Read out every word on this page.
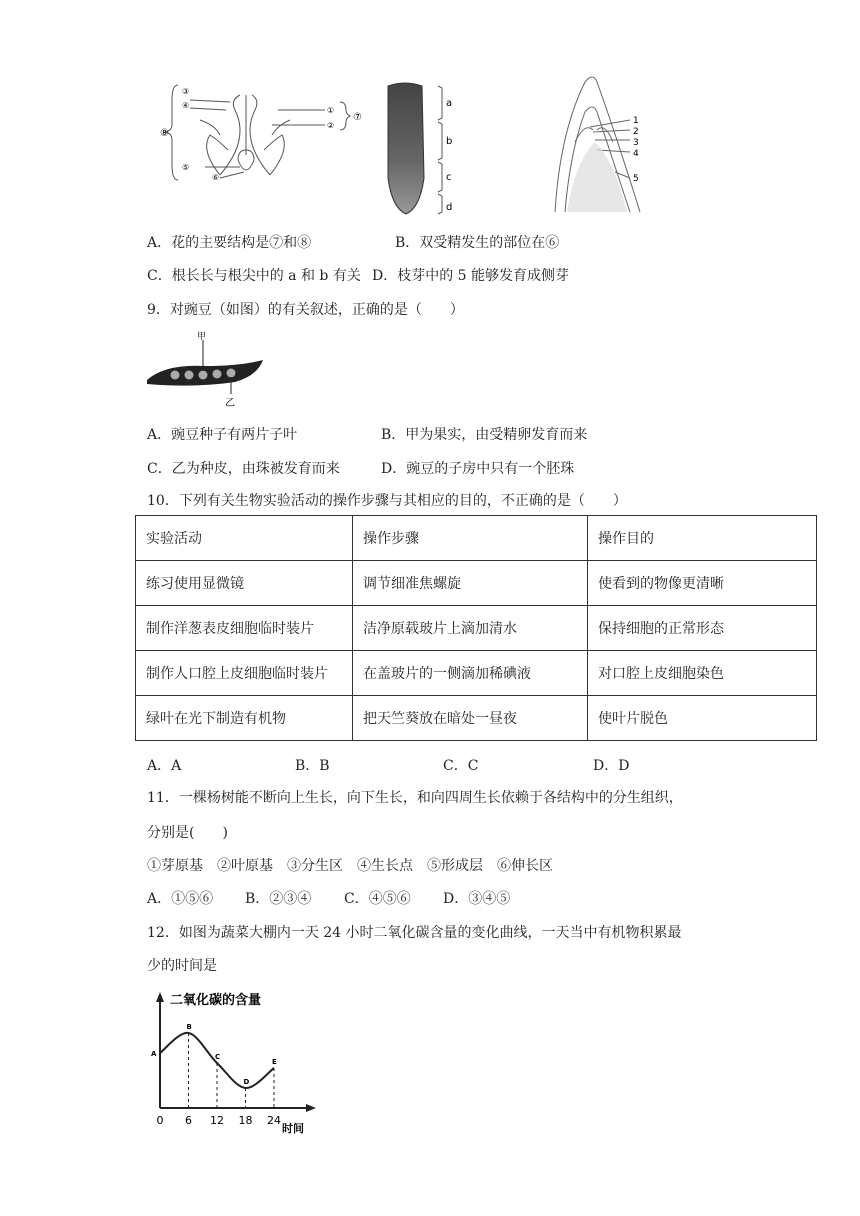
③
④
⑤
⑥
①
②
⑦
⑧
a
b
c
d
1
2
3
4
5
A．花的主要结构是⑦和⑧	B．双受精发生的部位在⑥
C．根长长与根尖中的 a 和 b 有关 D．枝芽中的 5 能够发育成侧芽
9．对豌豆（如图）的有关叙述，正确的是（　　）
甲
乙
A．豌豆种子有两片子叶	B．甲为果实，由受精卵发育而来
C．乙为种皮，由珠被发育而来	D．豌豆的子房中只有一个胚珠
10．下列有关生物实验活动的操作步骤与其相应的目的，不正确的是（　　）
实验活动	操作步骤	操作目的
练习使用显微镜	调节细准焦螺旋	使看到的物像更清晰
制作洋葱表皮细胞临时装片	洁净原载玻片上滴加清水	保持细胞的正常形态
制作人口腔上皮细胞临时装片	在盖玻片的一侧滴加稀碘液	对口腔上皮细胞染色
绿叶在光下制造有机物	把天竺葵放在暗处一昼夜	使叶片脱色
A．A	B．B	C．C	D．D
11．一棵杨树能不断向上生长，向下生长，和向四周生长依赖于各结构中的分生组织，
分别是(　　)
①芽原基　②叶原基　③分生区　④生长点　⑤形成层　⑥伸长区
A．①⑤⑥ B．②③④ C．④⑤⑥ D．③④⑤
12．如图为蔬菜大棚内一天 24 小时二氧化碳含量的变化曲线，一天当中有机物积累最
少的时间是
二氧化碳的含量
时间
A
0
B
6
C
12
D
18
E
24
